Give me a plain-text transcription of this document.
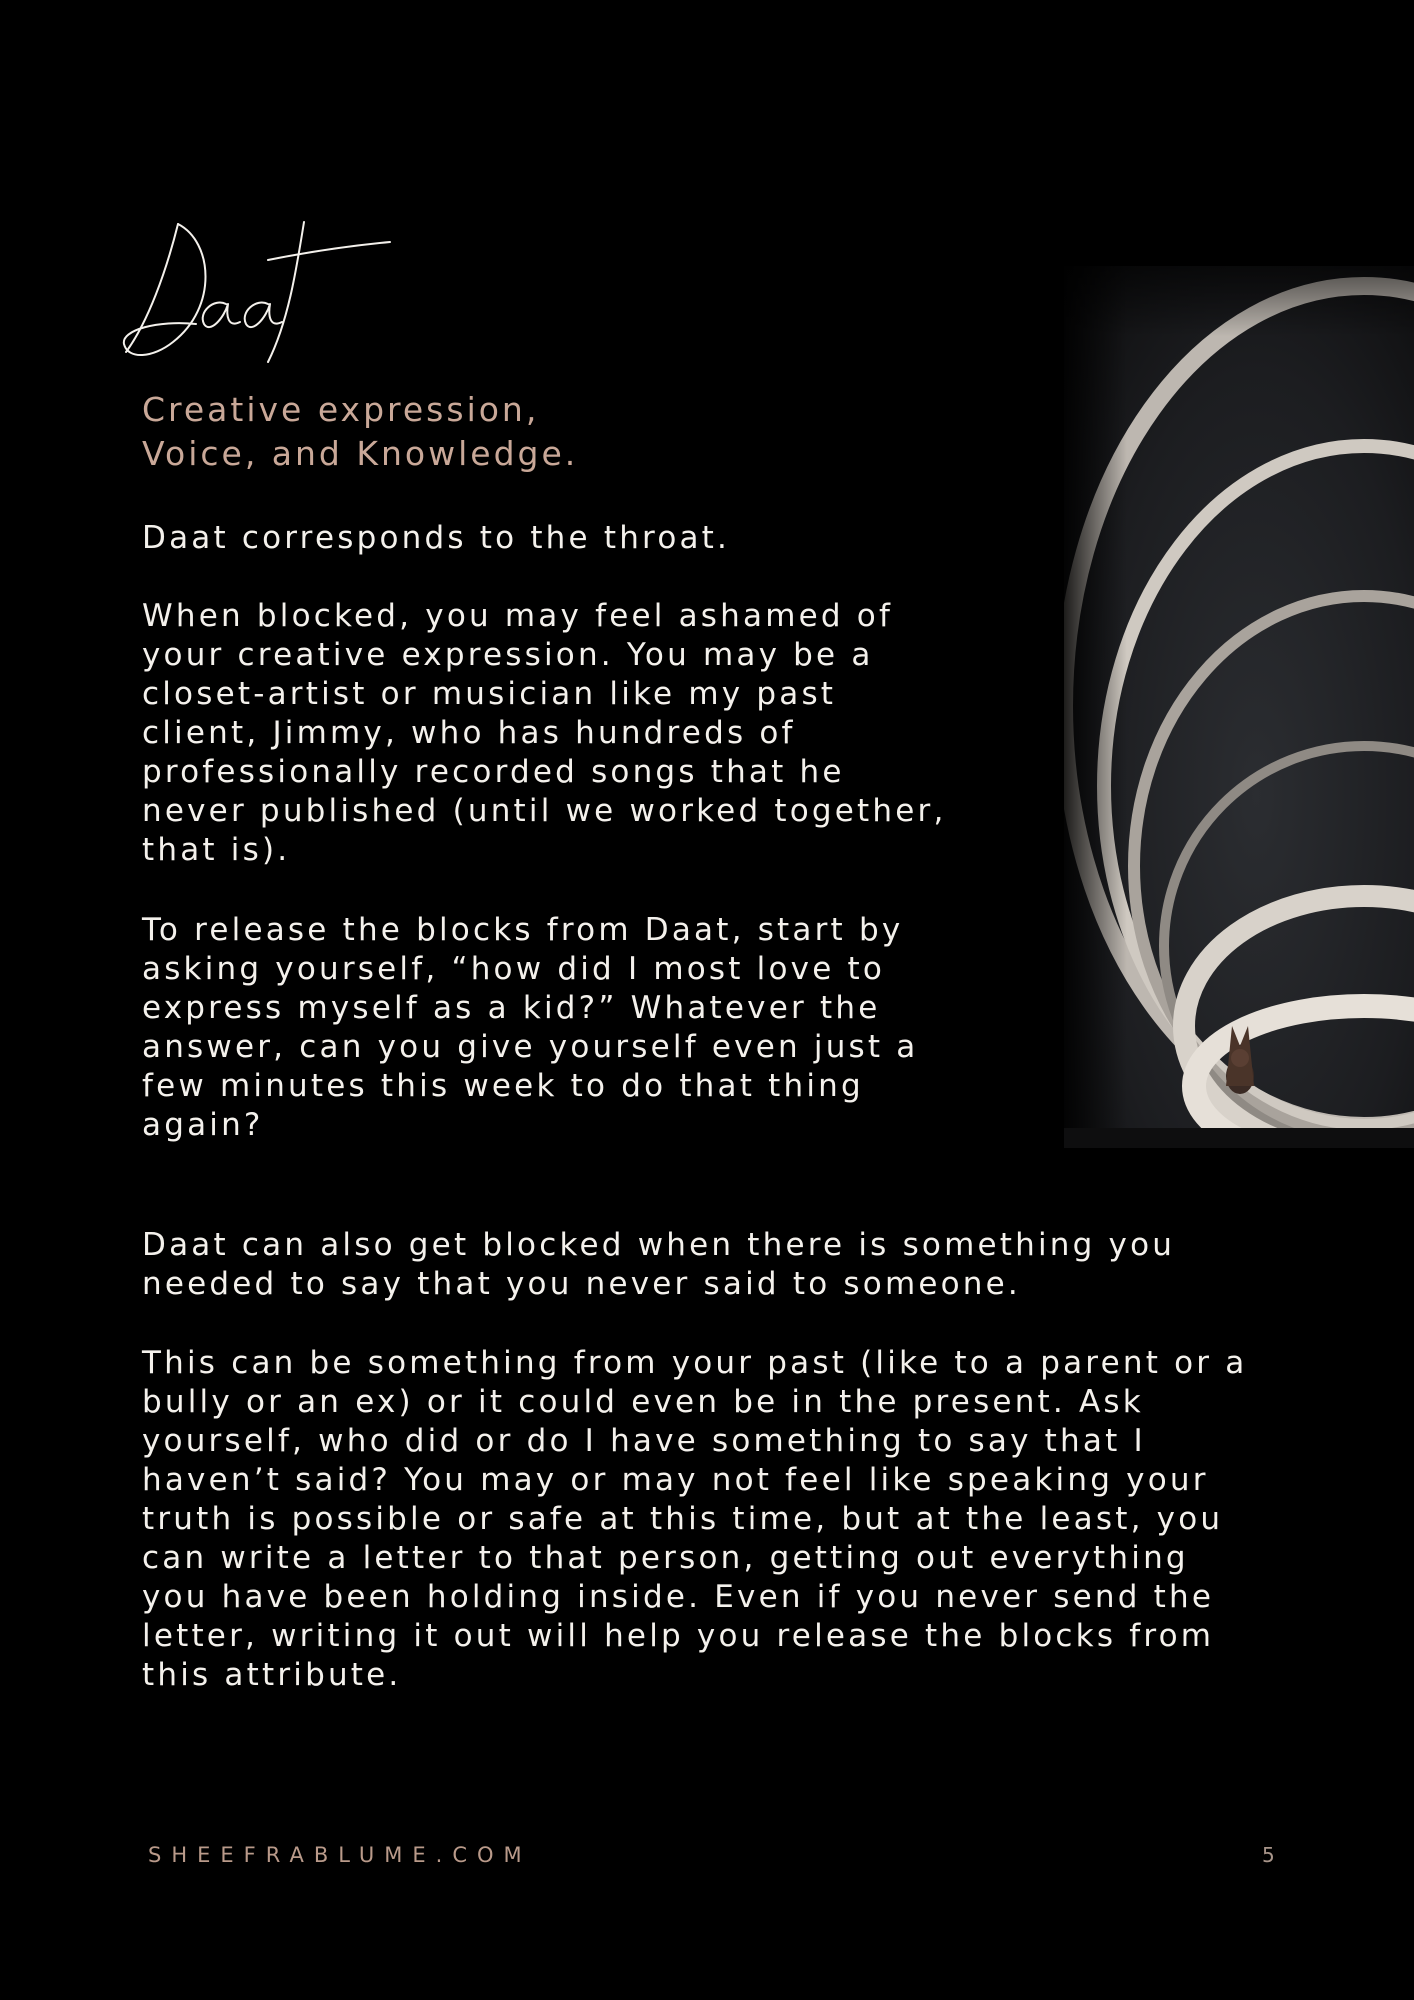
Creative expression,
Voice, and Knowledge.

Daat corresponds to the throat.

When blocked, you may feel ashamed of
your creative expression. You may be a
closet-artist or musician like my past
client, Jimmy, who has hundreds of
professionally recorded songs that he
never published (until we worked together,
that is).

To release the blocks from Daat, start by
asking yourself, “how did I most love to
express myself as a kid?” Whatever the
answer, can you give yourself even just a
few minutes this week to do that thing
again?

Daat can also get blocked when there is something you
needed to say that you never said to someone.

This can be something from your past (like to a parent or a
bully or an ex) or it could even be in the present. Ask
yourself, who did or do I have something to say that I
haven’t said? You may or may not feel like speaking your
truth is possible or safe at this time, but at the least, you
can write a letter to that person, getting out everything
you have been holding inside. Even if you never send the
letter, writing it out will help you release the blocks from
this attribute.

SHEEFRABLUME.COM	5
